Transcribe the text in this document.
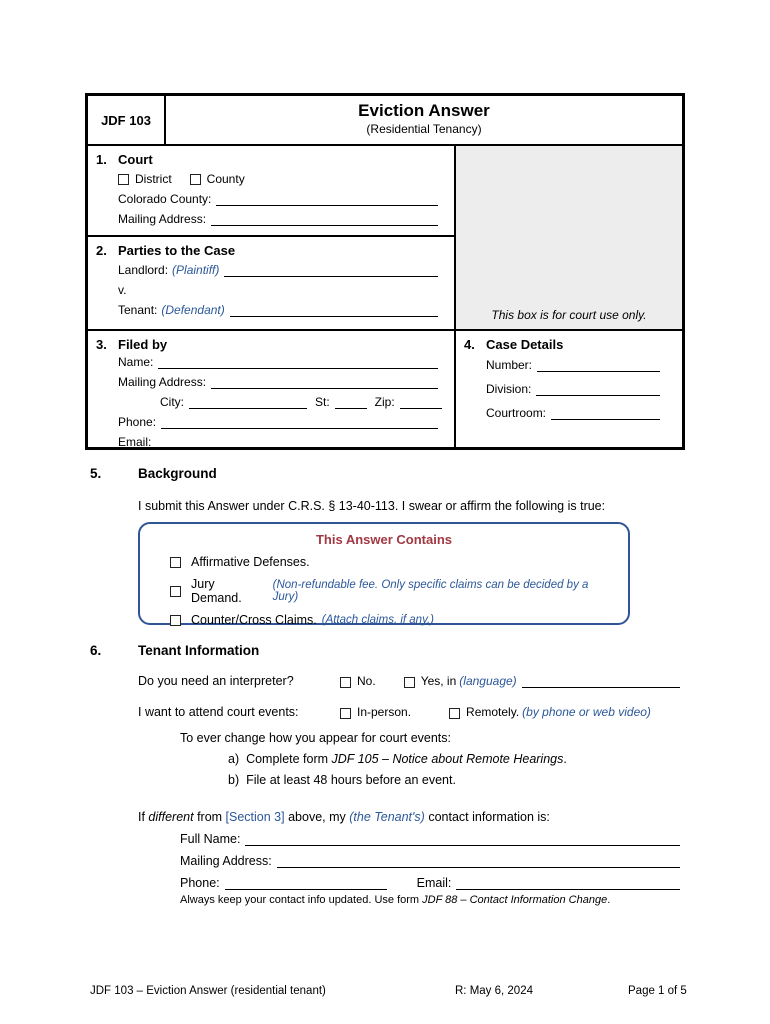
JDF 103	Eviction Answer
(Residential Tenancy)
1. Court
District	County
Colorado County:
Mailing Address:
2. Parties to the Case
Landlord: (Plaintiff)
v.
Tenant: (Defendant)	This box is for court use only.
3. Filed by
Name:
Mailing Address:
City:	St:	Zip:
Phone:
Email:
4. Case Details
Number:
Division:
Courtroom:
5.	Background
I submit this Answer under C.R.S. § 13-40-113. I swear or affirm the following is true:
This Answer Contains
Affirmative Defenses.
Jury Demand.
(Non-refundable fee. Only specific claims can be decided by a Jury)
Counter/Cross Claims. (Attach claims, if any.)
6.	Tenant Information
Do you need an interpreter?	No.	Yes, in (language)
I want to attend court events:	In-person.	Remotely. (by phone or web video)
To ever change how you appear for court events:
a) Complete form JDF 105 – Notice about Remote Hearings.
b) File at least 48 hours before an event.
If different from [Section 3] above, my (the Tenant's) contact information is:
Full Name:
Mailing Address:
Phone:	Email:
Always keep your contact info updated. Use form JDF 88 – Contact Information Change.
JDF 103 – Eviction Answer (residential tenant)	R: May 6, 2024	Page 1 of 5
